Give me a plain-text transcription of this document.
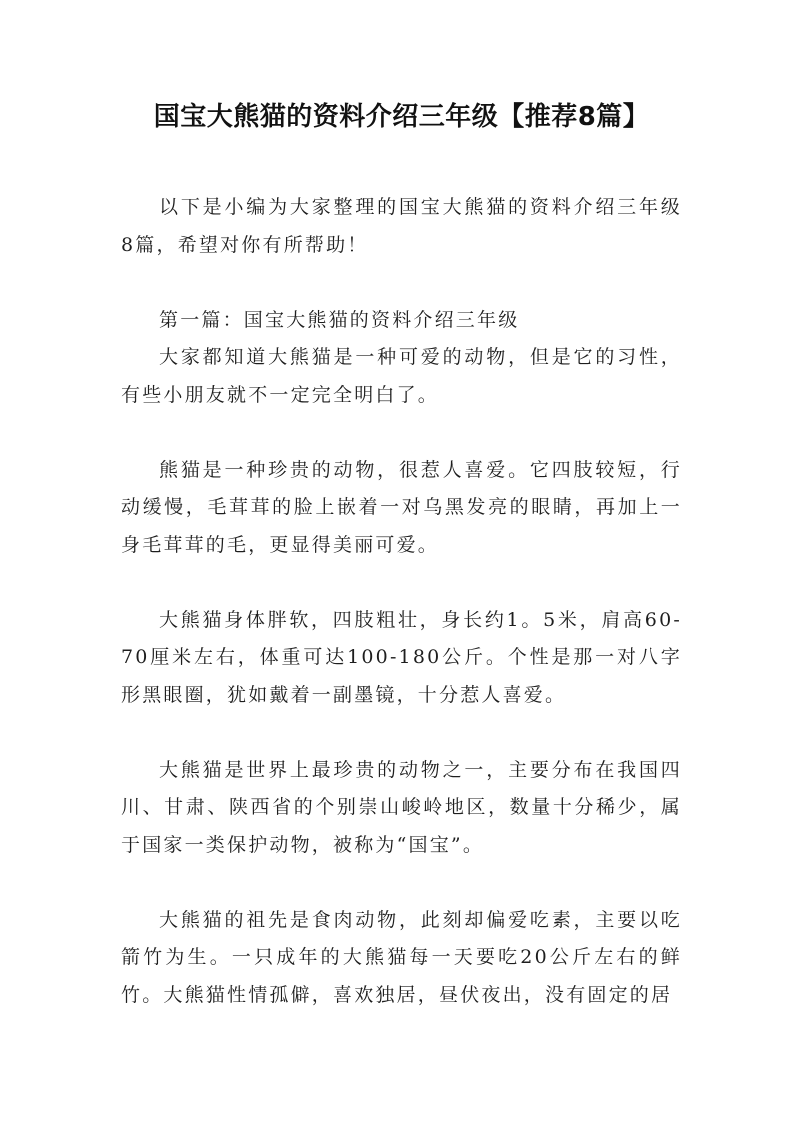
国宝大熊猫的资料介绍三年级【推荐8篇】

以下是小编为大家整理的国宝大熊猫的资料介绍三年级8篇，希望对你有所帮助！

第一篇：国宝大熊猫的资料介绍三年级

大家都知道大熊猫是一种可爱的动物，但是它的习性，有些小朋友就不一定完全明白了。

熊猫是一种珍贵的动物，很惹人喜爱。它四肢较短，行动缓慢，毛茸茸的脸上嵌着一对乌黑发亮的眼睛，再加上一身毛茸茸的毛，更显得美丽可爱。

大熊猫身体胖软，四肢粗壮，身长约1。5米，肩高60-70厘米左右，体重可达100-180公斤。个性是那一对八字形黑眼圈，犹如戴着一副墨镜，十分惹人喜爱。

大熊猫是世界上最珍贵的动物之一，主要分布在我国四川、甘肃、陕西省的个别崇山峻岭地区，数量十分稀少，属于国家一类保护动物，被称为“国宝”。

大熊猫的祖先是食肉动物，此刻却偏爱吃素，主要以吃箭竹为生。一只成年的大熊猫每一天要吃20公斤左右的鲜竹。大熊猫性情孤僻，喜欢独居，昼伏夜出，没有固定的居
